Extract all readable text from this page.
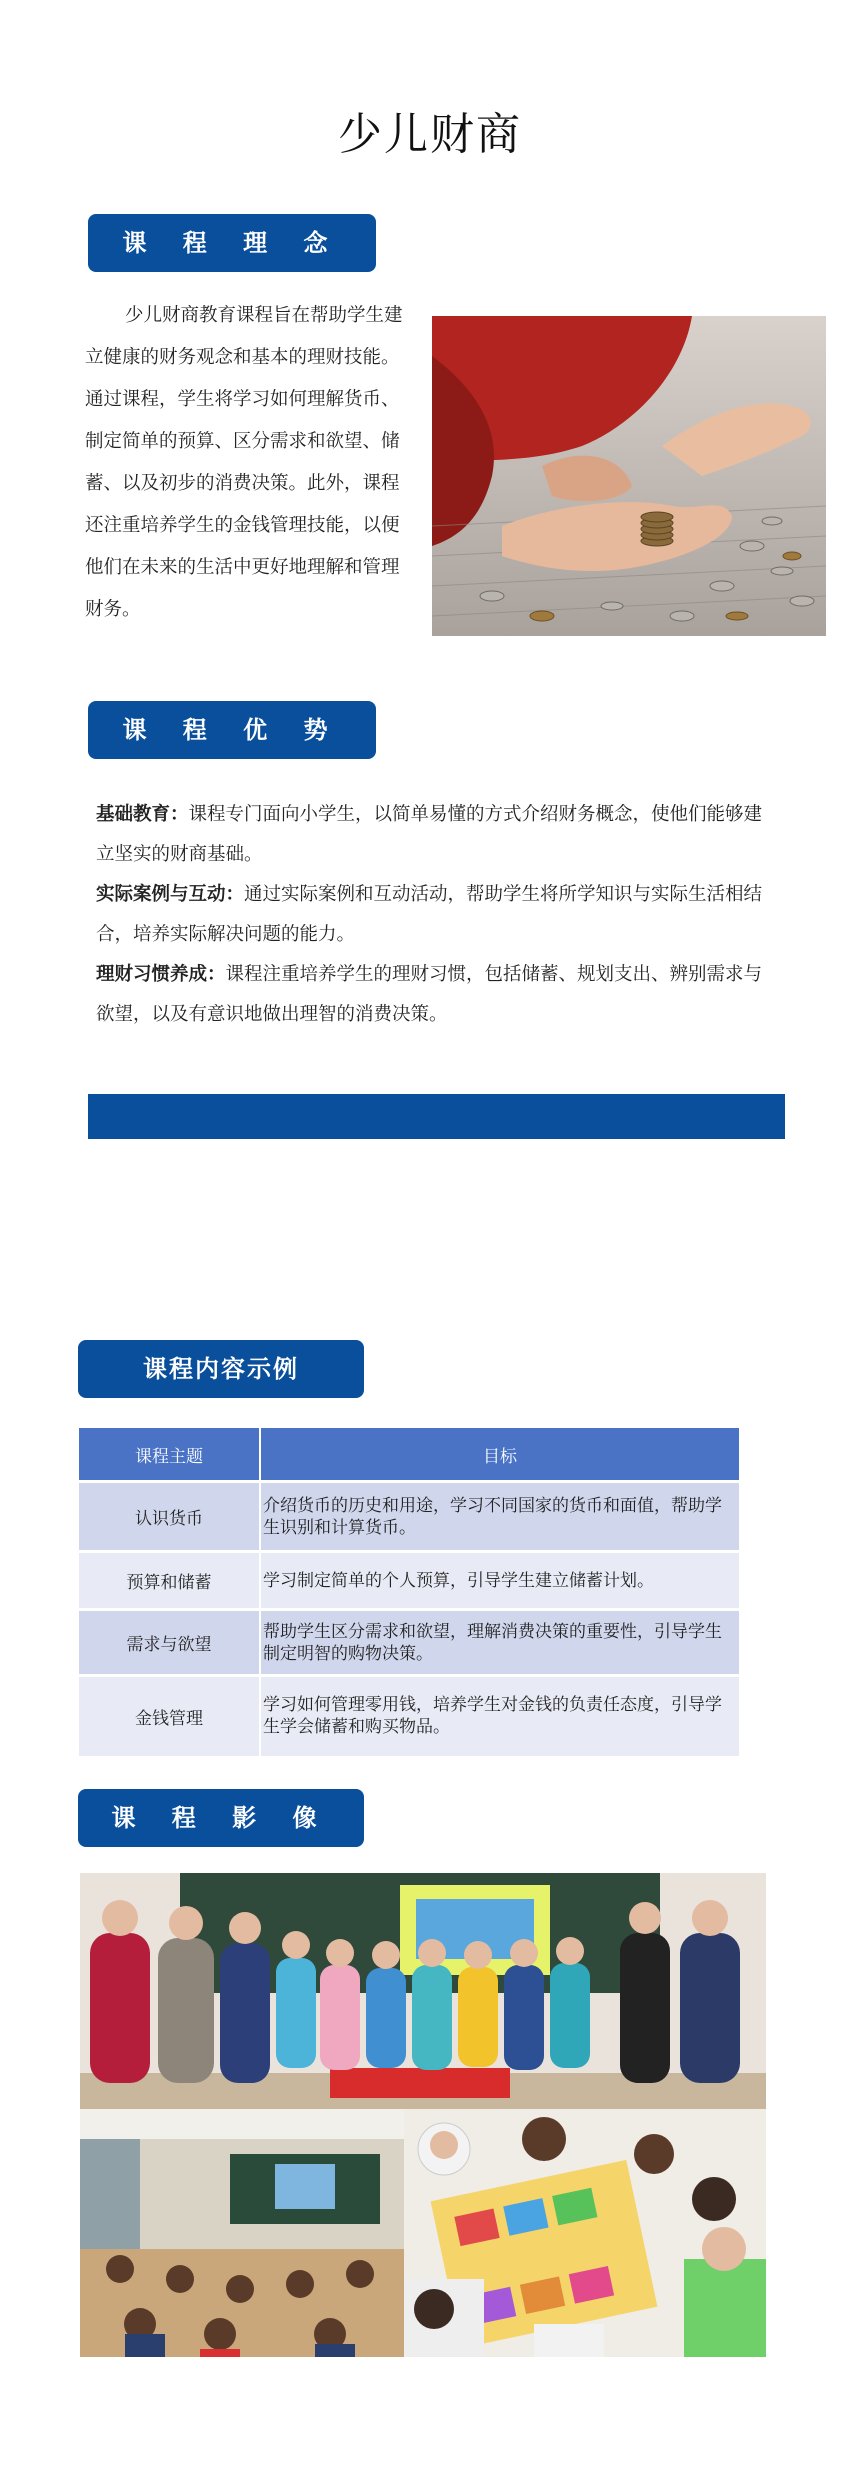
少儿财商
课 程 理 念
少儿财商教育课程旨在帮助学生建立健康的财务观念和基本的理财技能。通过课程，学生将学习如何理解货币、制定简单的预算、区分需求和欲望、储蓄、以及初步的消费决策。此外，课程还注重培养学生的金钱管理技能，以便他们在未来的生活中更好地理解和管理财务。
课 程 优 势
基础教育：课程专门面向小学生，以简单易懂的方式介绍财务概念，使他们能够建立坚实的财商基础。
实际案例与互动：通过实际案例和互动活动，帮助学生将所学知识与实际生活相结合，培养实际解决问题的能力。
理财习惯养成：课程注重培养学生的理财习惯，包括储蓄、规划支出、辨别需求与欲望，以及有意识地做出理智的消费决策。
课程内容示例
课程主题	目标
认识货币	介绍货币的历史和用途，学习不同国家的货币和面值，帮助学生识别和计算货币。
预算和储蓄	学习制定简单的个人预算，引导学生建立储蓄计划。
需求与欲望	帮助学生区分需求和欲望，理解消费决策的重要性，引导学生制定明智的购物决策。
金钱管理	学习如何管理零用钱，培养学生对金钱的负责任态度，引导学生学会储蓄和购买物品。
课 程 影 像
